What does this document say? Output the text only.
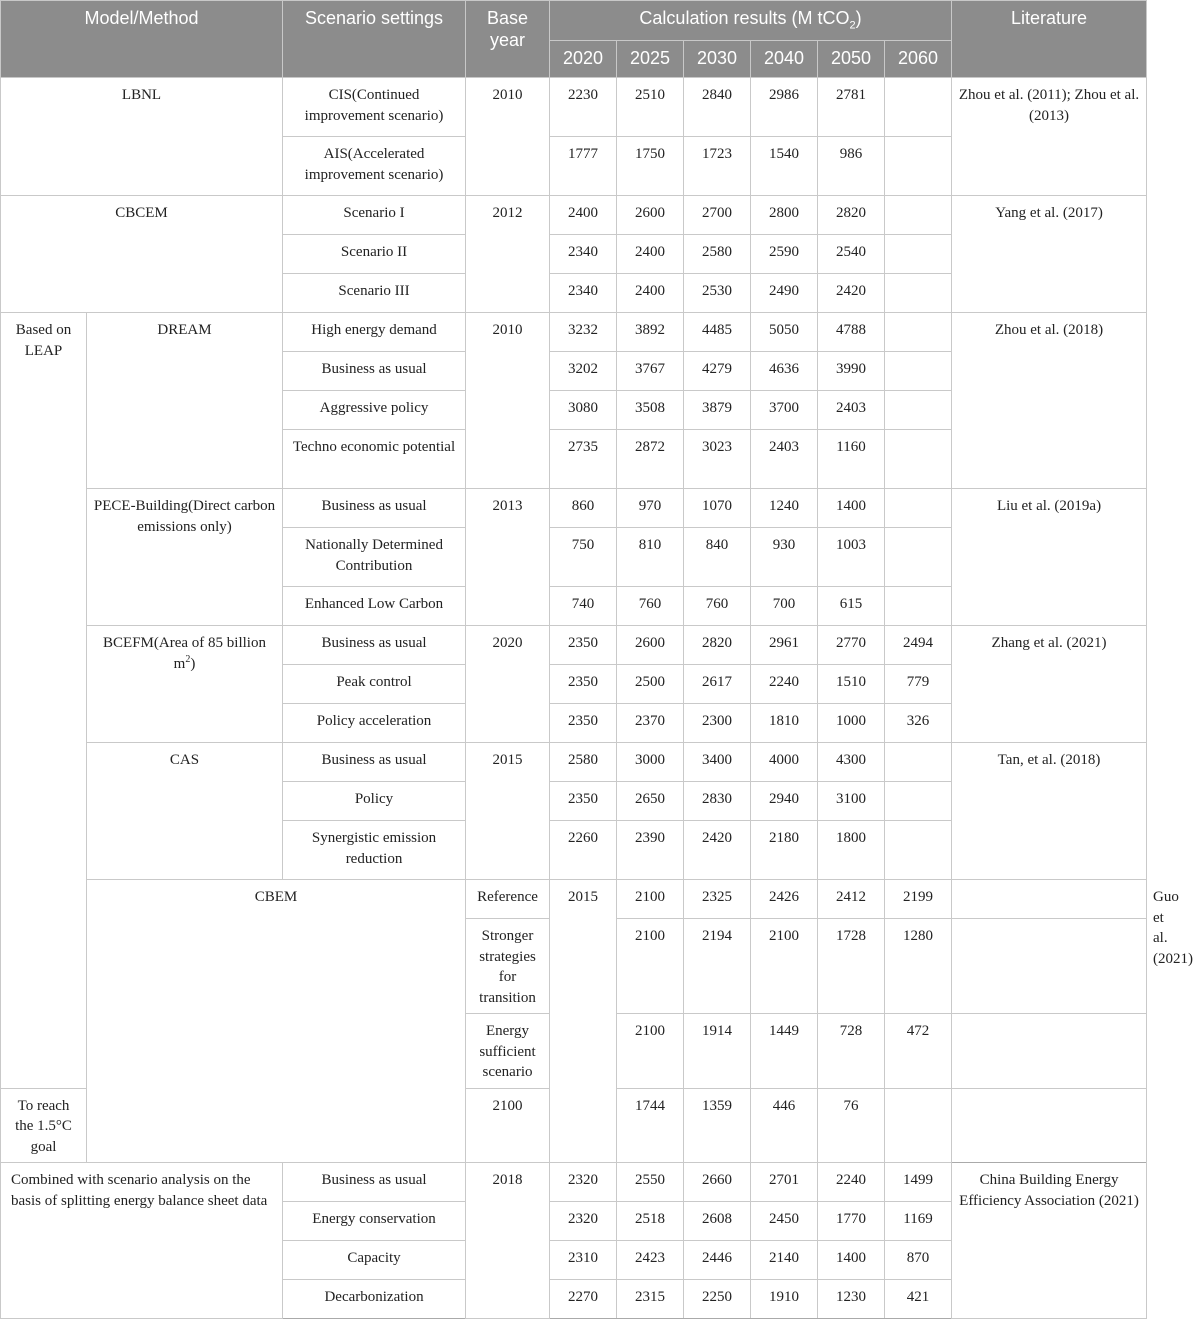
Model/Method		Scenario settings	Base year	Calculation results (M tCO$_2$)						Literature	
				2020	2025	2030	2040	2050	2060		
LBNL		CIS(Continued improvement scenario)	2010	2230	2510	2840	2986	2781		Zhou et al. (2011); Zhou et al. (2013)	
		AIS(Accelerated improvement scenario)		1777	1750	1723	1540	986			
CBCEM		Scenario I	2012	2400	2600	2700	2800	2820		Yang et al. (2017)	
		Scenario II		2340	2400	2580	2590	2540			
		Scenario III		2340	2400	2530	2490	2420			
Based on LEAP	DREAM	High energy demand	2010	3232	3892	4485	5050	4788		Zhou et al. (2018)	
		Business as usual		3202	3767	4279	4636	3990			
		Aggressive policy		3080	3508	3879	3700	2403			
		Techno economic potential		2735	2872	3023	2403	1160			
	PECE-Building(Direct carbon emissions only)	Business as usual	2013	860	970	1070	1240	1400		Liu et al. (2019a)	
		Nationally Determined Contribution		750	810	840	930	1003			
		Enhanced Low Carbon		740	760	760	700	615			
	BCEFM(Area of 85 billion $m^2$)	Business as usual	2020	2350	2600	2820	2961	2770	2494	Zhang et al. (2021)	
		Peak control		2350	2500	2617	2240	1510	779		
		Policy acceleration		2350	2370	2300	1810	1000	326		
	CAS	Business as usual	2015	2580	3000	3400	4000	4300		Tan, et al. (2018)	
		Policy		2350	2650	2830	2940	3100			
		Synergistic emission reduction		2260	2390	2420	2180	1800			
	CBEM		Reference	2015	2100	2325	2426	2412	2199		Guo et al. (2021)
			Stronger strategies for transition		2100	2194	2100	1728	1280		
			Energy sufficient scenario		2100	1914	1449	728	472		
To reach the 1.5°C goal			2100		1744	1359	446	76			
Combined with scenario analysis on the basis of splitting energy balance sheet data		Business as usual	2018	2320	2550	2660	2701	2240	1499	China Building Energy Efficiency Association (2021)	
		Energy conservation		2320	2518	2608	2450	1770	1169		
		Capacity		2310	2423	2446	2140	1400	870		
		Decarbonization		2270	2315	2250	1910	1230	421		
